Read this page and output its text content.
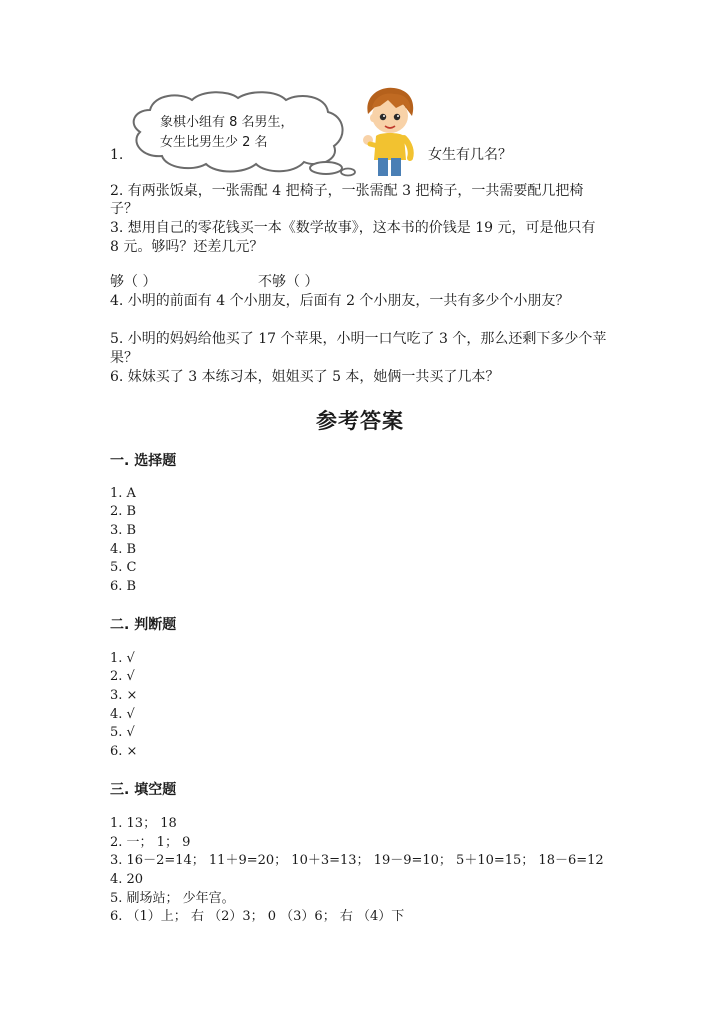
1.
象棋小组有 8 名男生，
女生比男生少 2 名
女生有几名？
2. 有两张饭桌，一张需配 4 把椅子，一张需配 3 把椅子，一共需要配几把椅
子？
3. 想用自己的零花钱买一本《数学故事》，这本书的价钱是 19 元，可是他只有
8 元。够吗？还差几元？
够（ ）	不够（ ）
4. 小明的前面有 4 个小朋友，后面有 2 个小朋友，一共有多少个小朋友？
5. 小明的妈妈给他买了 17 个苹果，小明一口气吃了 3 个，那么还剩下多少个苹
果？
6. 妹妹买了 3 本练习本，姐姐买了 5 本，她俩一共买了几本？
参考答案
一. 选择题
1. A
2. B
3. B
4. B
5. C
6. B
二. 判断题
1. √
2. √
3. ×
4. √
5. √
6. ×
三. 填空题
1. 13； 18
2. 一； 1； 9
3. 16－2=14； 11＋9=20； 10＋3=13； 19－9=10； 5＋10=15； 18－6=12
4. 20
5. 刷场站； 少年宫。
6. （1）上； 右 （2）3； 0 （3）6； 右 （4）下
